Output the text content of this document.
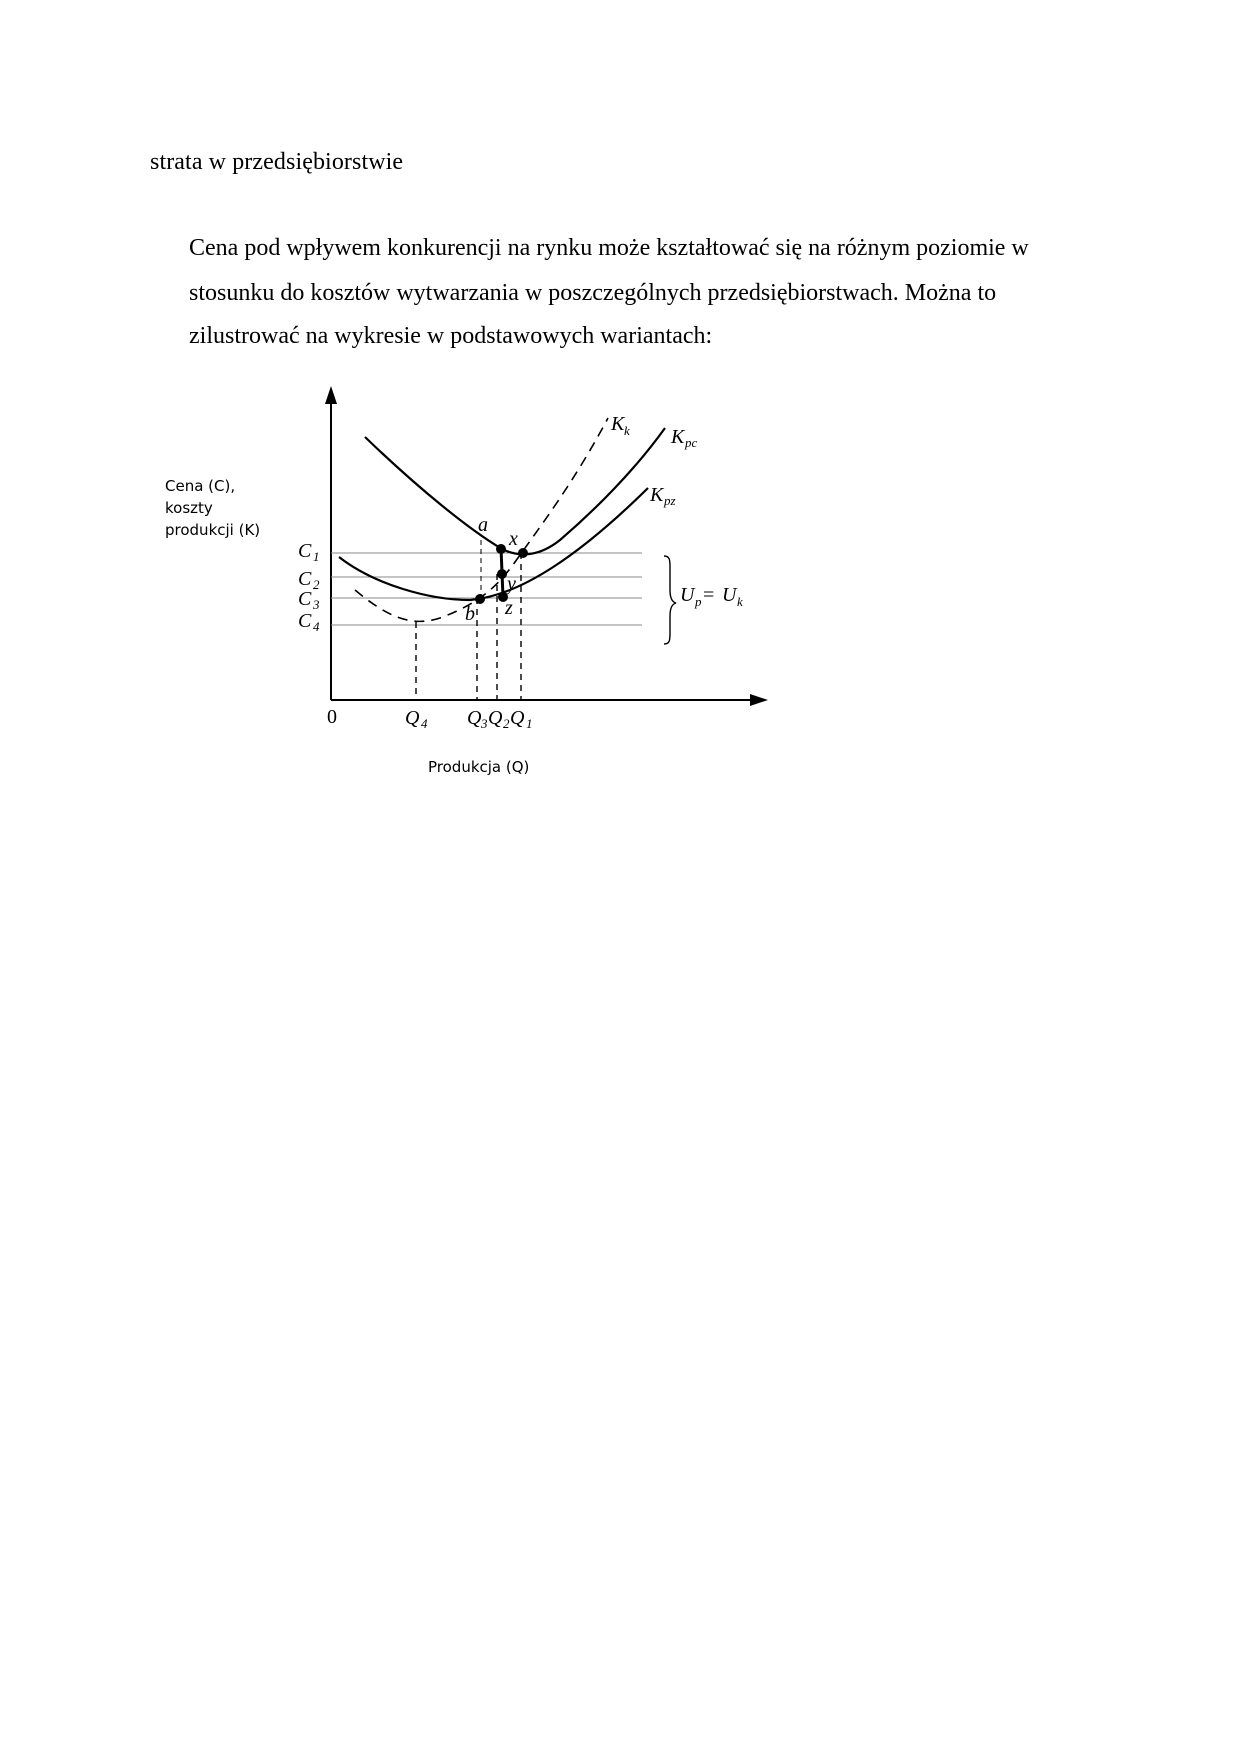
strata w przedsiębiorstwie
Cena pod wpływem konkurencji na rynku może kształtować się na różnym poziomie w
stosunku do kosztów wytwarzania w poszczególnych przedsiębiorstwach. Można to
zilustrować na wykresie w podstawowych wariantach:
a
x
y
z
b
C 1
C 2
C 3
C 4
0	Q 4 Q 3 Q 2 Q 1
K k K pc
K pz
U p = U k
Cena (C),
koszty
produkcji (K)
Produkcja (Q)
